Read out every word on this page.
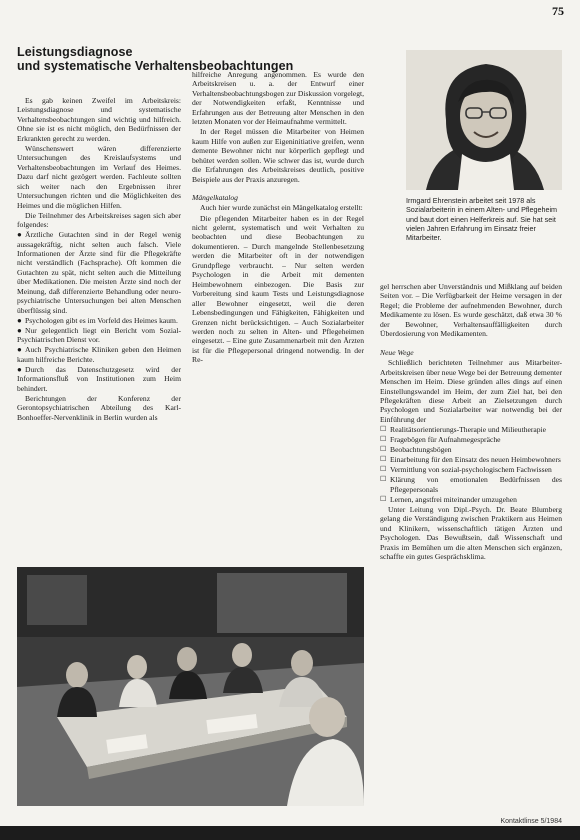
75
Leistungsdiagnose
und systematische Verhaltensbeobachtungen

Es gab keinen Zweifel im Arbeitskreis: Leistungsdiagnose und systematische Verhaltensbeobachtungen sind wichtig und hilfreich. Ohne sie ist es nicht möglich, den Bedürfnissen der Erkrankten gerecht zu werden.

Wünschenswert wären differenzierte Untersuchungen des Kreislaufsystems und Verhaltensbeobachtungen im Verlauf des Heimes. Dazu darf nicht gezögert werden. Fachleute sollten sich weiter nach den Ergebnissen ihrer Untersuchungen richten und die Möglichkeiten des Heimes und die möglichen Hilfen.

Die Teilnehmer des Arbeitskreises sagen sich aber folgendes:

● Ärztliche Gutachten sind in der Regel wenig aussagekräftig, nicht selten auch falsch. Viele Informationen der Ärzte sind für die Pflegekräfte nicht verständlich (Fachsprache). Oft kommen die Gutachten zu spät, nicht selten auch die Mitteilung über Medikationen. Die meisten Ärzte sind noch der Meinung, daß differenzierte Behandlung oder neuro-psychiatrische Untersuchungen bei alten Menschen überflüssig sind.

● Psychologen gibt es im Vorfeld des Heimes kaum.

● Nur gelegentlich liegt ein Bericht vom Sozial-Psychiatrischen Dienst vor.

● Auch Psychiatrische Kliniken geben den Heimen kaum hilfreiche Berichte.

● Durch das Datenschutzgesetz wird der Informationsfluß von Institutionen zum Heim behindert.

Berichtungen der Konferenz der Gerontopsychiatrischen Abteilung des Karl-Bonhoeffer-Nervenklinik in Berlin wurden als

hilfreiche Anregung angenommen. Es wurde den Arbeitskreisen u. a. der Entwurf einer Verhaltensbeobachtungsbogen zur Diskussion vorgelegt, der Notwendigkeiten erfaßt, Kenntnisse und Erfahrungen aus der Betreuung alter Menschen in den letzten Monaten vor der Heimaufnahme vermittelt.

In der Regel müssen die Mitarbeiter von Heimen kaum Hilfe von außen zur Eigeninitiative greifen, wenn demente Bewohner nicht nur körperlich gepflegt und behütet werden sollen. Wie schwer das ist, wurde durch die Erfahrungen des Arbeitskreises deutlich, positive Beispiele aus der Praxis anzuregen.

Mängelkatalog

Auch hier wurde zunächst ein Mängelkatalog erstellt:

Die pflegenden Mitarbeiter haben es in der Regel nicht gelernt, systematisch und weit Verhalten zu beobachten und diese Beobachtungen zu dokumentieren. – Durch mangelnde Stellenbesetzung werden die Mitarbeiter oft in der notwendigen Grundpflege verbraucht. – Nur selten werden Psychologen in die Arbeit mit dementen Heimbewohnern einbezogen. Die Basis zur Vorbereitung sind kaum Tests und Leistungsdiagnose aller Bewohner eingesetzt, weil die deren Lebensbedingungen und Fähigkeiten, Fähigkeiten und Grenzen nicht berücksichtigen. – Auch Sozialarbeiter werden noch zu selten in Alten- und Pflegeheimen eingesetzt. – Eine gute Zusammenarbeit mit den Ärzten ist für die Pflegepersonal dringend notwendig. In der Re-

Irmgard Ehrenstein arbeitet seit 1978 als Sozialarbeiterin in einem Alten- und Pflegeheim und baut dort einen Helferkreis auf. Sie hat seit vielen Jahren Erfahrung im Einsatz freier Mitarbeiter.

gel herrschen aber Unverständnis und Mißklang auf beiden Seiten vor. – Die Verfügbarkeit der Heime versagen in der Regel; die Probleme der aufnehmenden Bewohner, durch Medikamente zu lösen. Es wurde geschätzt, daß etwa 30 % der Bewohner, Verhaltensauffälligkeiten durch Überdosierung von Medikamenten.

Neue Wege

Schließlich berichteten Teilnehmer aus Mitarbeiter-Arbeitskreisen über neue Wege bei der Betreuung dementer Menschen im Heim. Diese gründen alles dings auf einen Einstellungswandel im Heim, der zum Ziel hat, bei den Pflegekräften diese Arbeit an Zielsetzungen durch Psychologen und Sozialarbeiter war notwendig bei der Einführung der

☐ Realitätsorientierungs-Therapie und Milieutherapie

☐ Fragebögen für Aufnahmegespräche

☐ Beobachtungsbögen

☐ Einarbeitung für den Einsatz des neuen Heimbewohners

☐ Vermittlung von sozial-psychologischem Fachwissen

☐ Klärung von emotionalen Bedürfnissen des Pflegepersonals

☐ Lernen, angstfrei miteinander umzugehen

Unter Leitung von Dipl.-Psych. Dr. Beate Blumberg gelang die Verständigung zwischen Praktikern aus Heimen und Klinikern, wissenschaftlich tätigen Ärzten und Psychologen. Das Bewußtsein, daß Wissenschaft und Praxis im Bemühen um die alten Menschen sich ergänzen, schaffte ein gutes Gesprächsklima.

Kontaktlinse 5/1984
